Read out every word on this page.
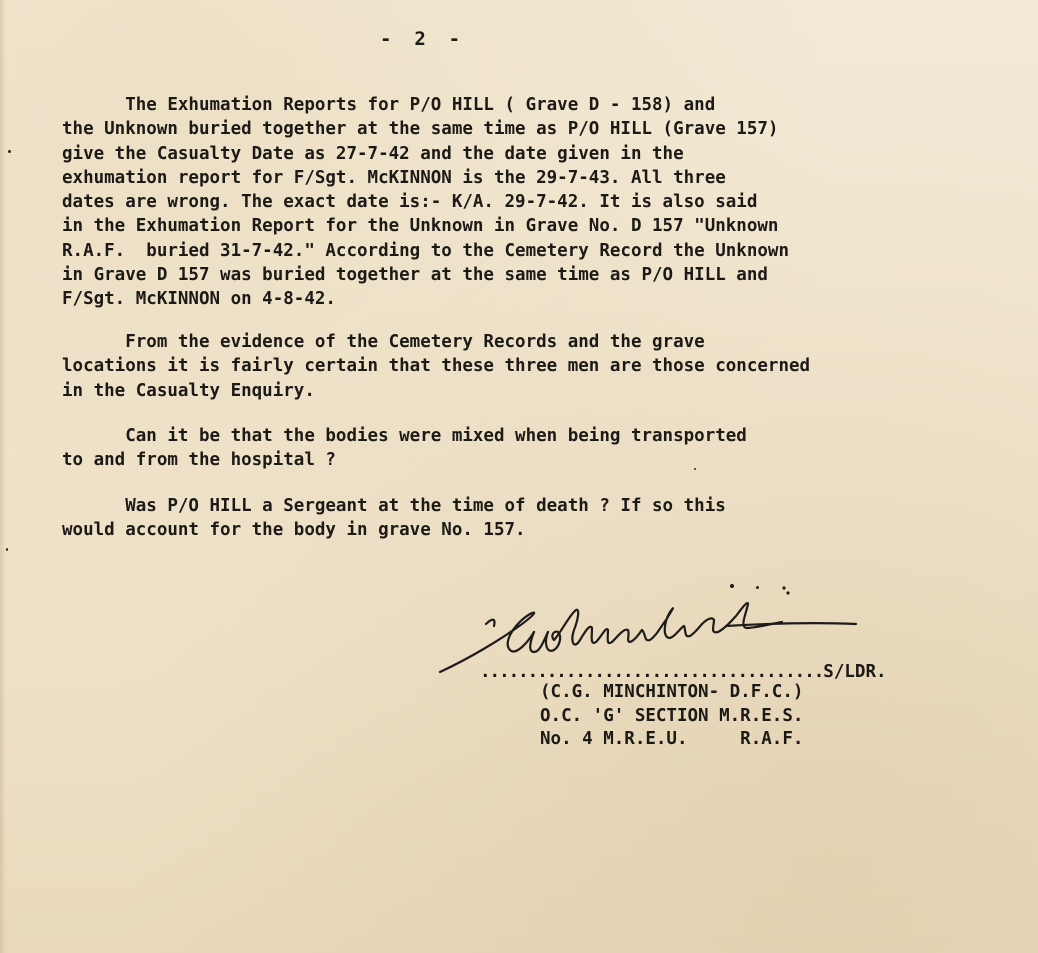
-  2  -
The Exhumation Reports for P/O HILL ( Grave D - 158) and
the Unknown buried together at the same time as P/O HILL (Grave 157)
give the Casualty Date as 27-7-42 and the date given in the
exhumation report for F/Sgt. McKINNON is the 29-7-43. All three
dates are wrong. The exact date is:- K/A. 29-7-42. It is also said
in the Exhumation Report for the Unknown in Grave No. D 157 "Unknown
R.A.F.  buried 31-7-42." According to the Cemetery Record the Unknown
in Grave D 157 was buried together at the same time as P/O HILL and
F/Sgt. McKINNON on 4-8-42.
From the evidence of the Cemetery Records and the grave
locations it is fairly certain that these three men are those concerned
in the Casualty Enquiry.
Can it be that the bodies were mixed when being transported
to and from the hospital ?
Was P/O HILL a Sergeant at the time of death ? If so this
would account for the body in grave No. 157.
....................................S/LDR.
(C.G. MINCHINTON- D.F.C.)
O.C. 'G' SECTION M.R.E.S.
No. 4 M.R.E.U.     R.A.F.
